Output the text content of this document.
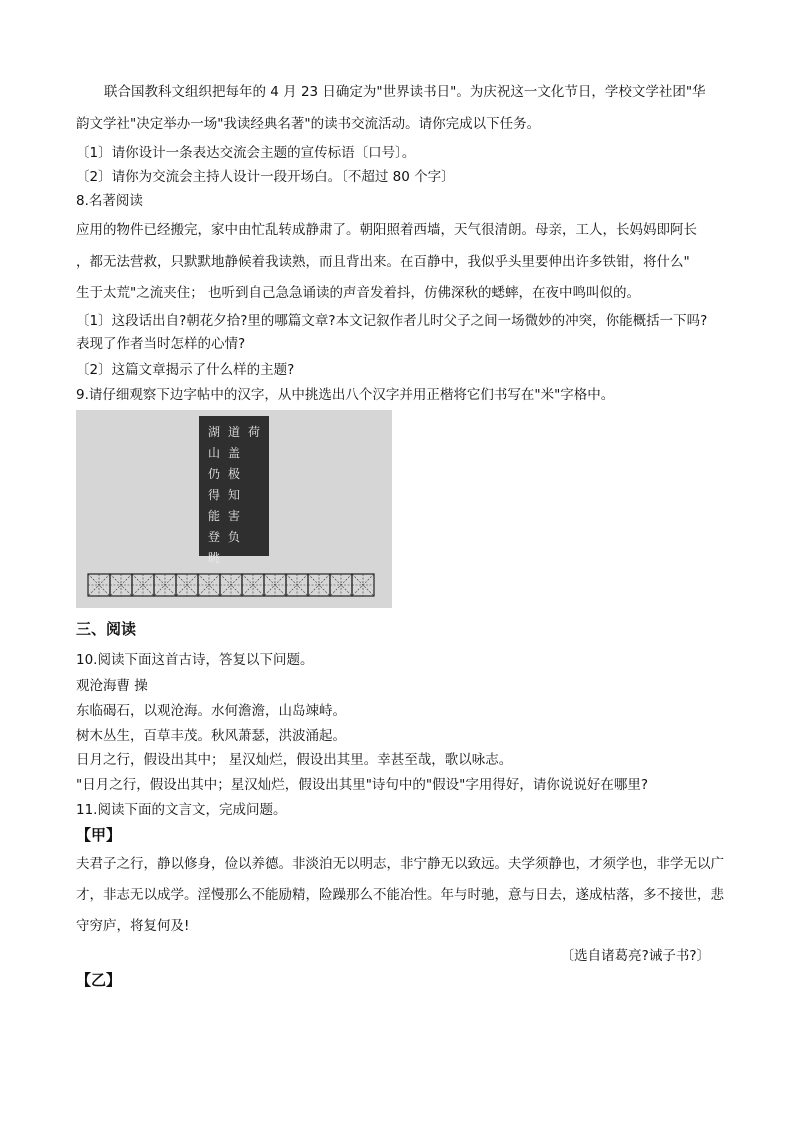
联合国教科文组织把每年的 4 月 23 日确定为"世界读书日"。为庆祝这一文化节日，学校文学社团"华
韵文学社"决定举办一场"我读经典名著"的读书交流活动。请你完成以下任务。
〔1〕请你设计一条表达交流会主题的宣传标语〔口号〕。
〔2〕请你为交流会主持人设计一段开场白。〔不超过 80 个字〕
8.名著阅读
应用的物件已经搬完，家中由忙乱转成静肃了。朝阳照着西墙，天气很清朗。母亲，工人，长妈妈即阿长
，都无法营救，只默默地静候着我读熟，而且背出来。在百静中，我似乎头里要伸出许多铁钳，将什么"
生于太荒"之流夹住； 也听到自己急急诵读的声音发着抖，仿佛深秋的蟋蟀，在夜中鸣叫似的。
〔1〕这段话出自?朝花夕拾?里的哪篇文章?本文记叙作者儿时父子之间一场微妙的冲突，你能概括一下吗?
表现了作者当时怎样的心情?
〔2〕这篇文章揭示了什么样的主题?
9.请仔细观察下边字帖中的汉字，从中挑选出八个汉字并用正楷将它们书写在"米"字格中。
湖
山
仍
得
能
登
眺
道
盖
极
知
害
负
荷

三、阅读
10.阅读下面这首古诗，答复以下问题。
观沧海曹 操
东临碣石，以观沧海。水何澹澹，山岛竦峙。
树木丛生，百草丰茂。秋风萧瑟，洪波涌起。
日月之行，假设出其中； 星汉灿烂，假设出其里。幸甚至哉，歌以咏志。
"日月之行，假设出其中；星汉灿烂，假设出其里"诗句中的"假设"字用得好，请你说说好在哪里?
11.阅读下面的文言文，完成问题。
【甲】
夫君子之行，静以修身，俭以养德。非淡泊无以明志，非宁静无以致远。夫学须静也，才须学也，非学无以广才，非志无以成学。淫慢那么不能励精，险躁那么不能冶性。年与时驰，意与日去，遂成枯落，多不接世，悲守穷庐，将复何及!
〔选自诸葛亮?诫子书?〕
【乙】
